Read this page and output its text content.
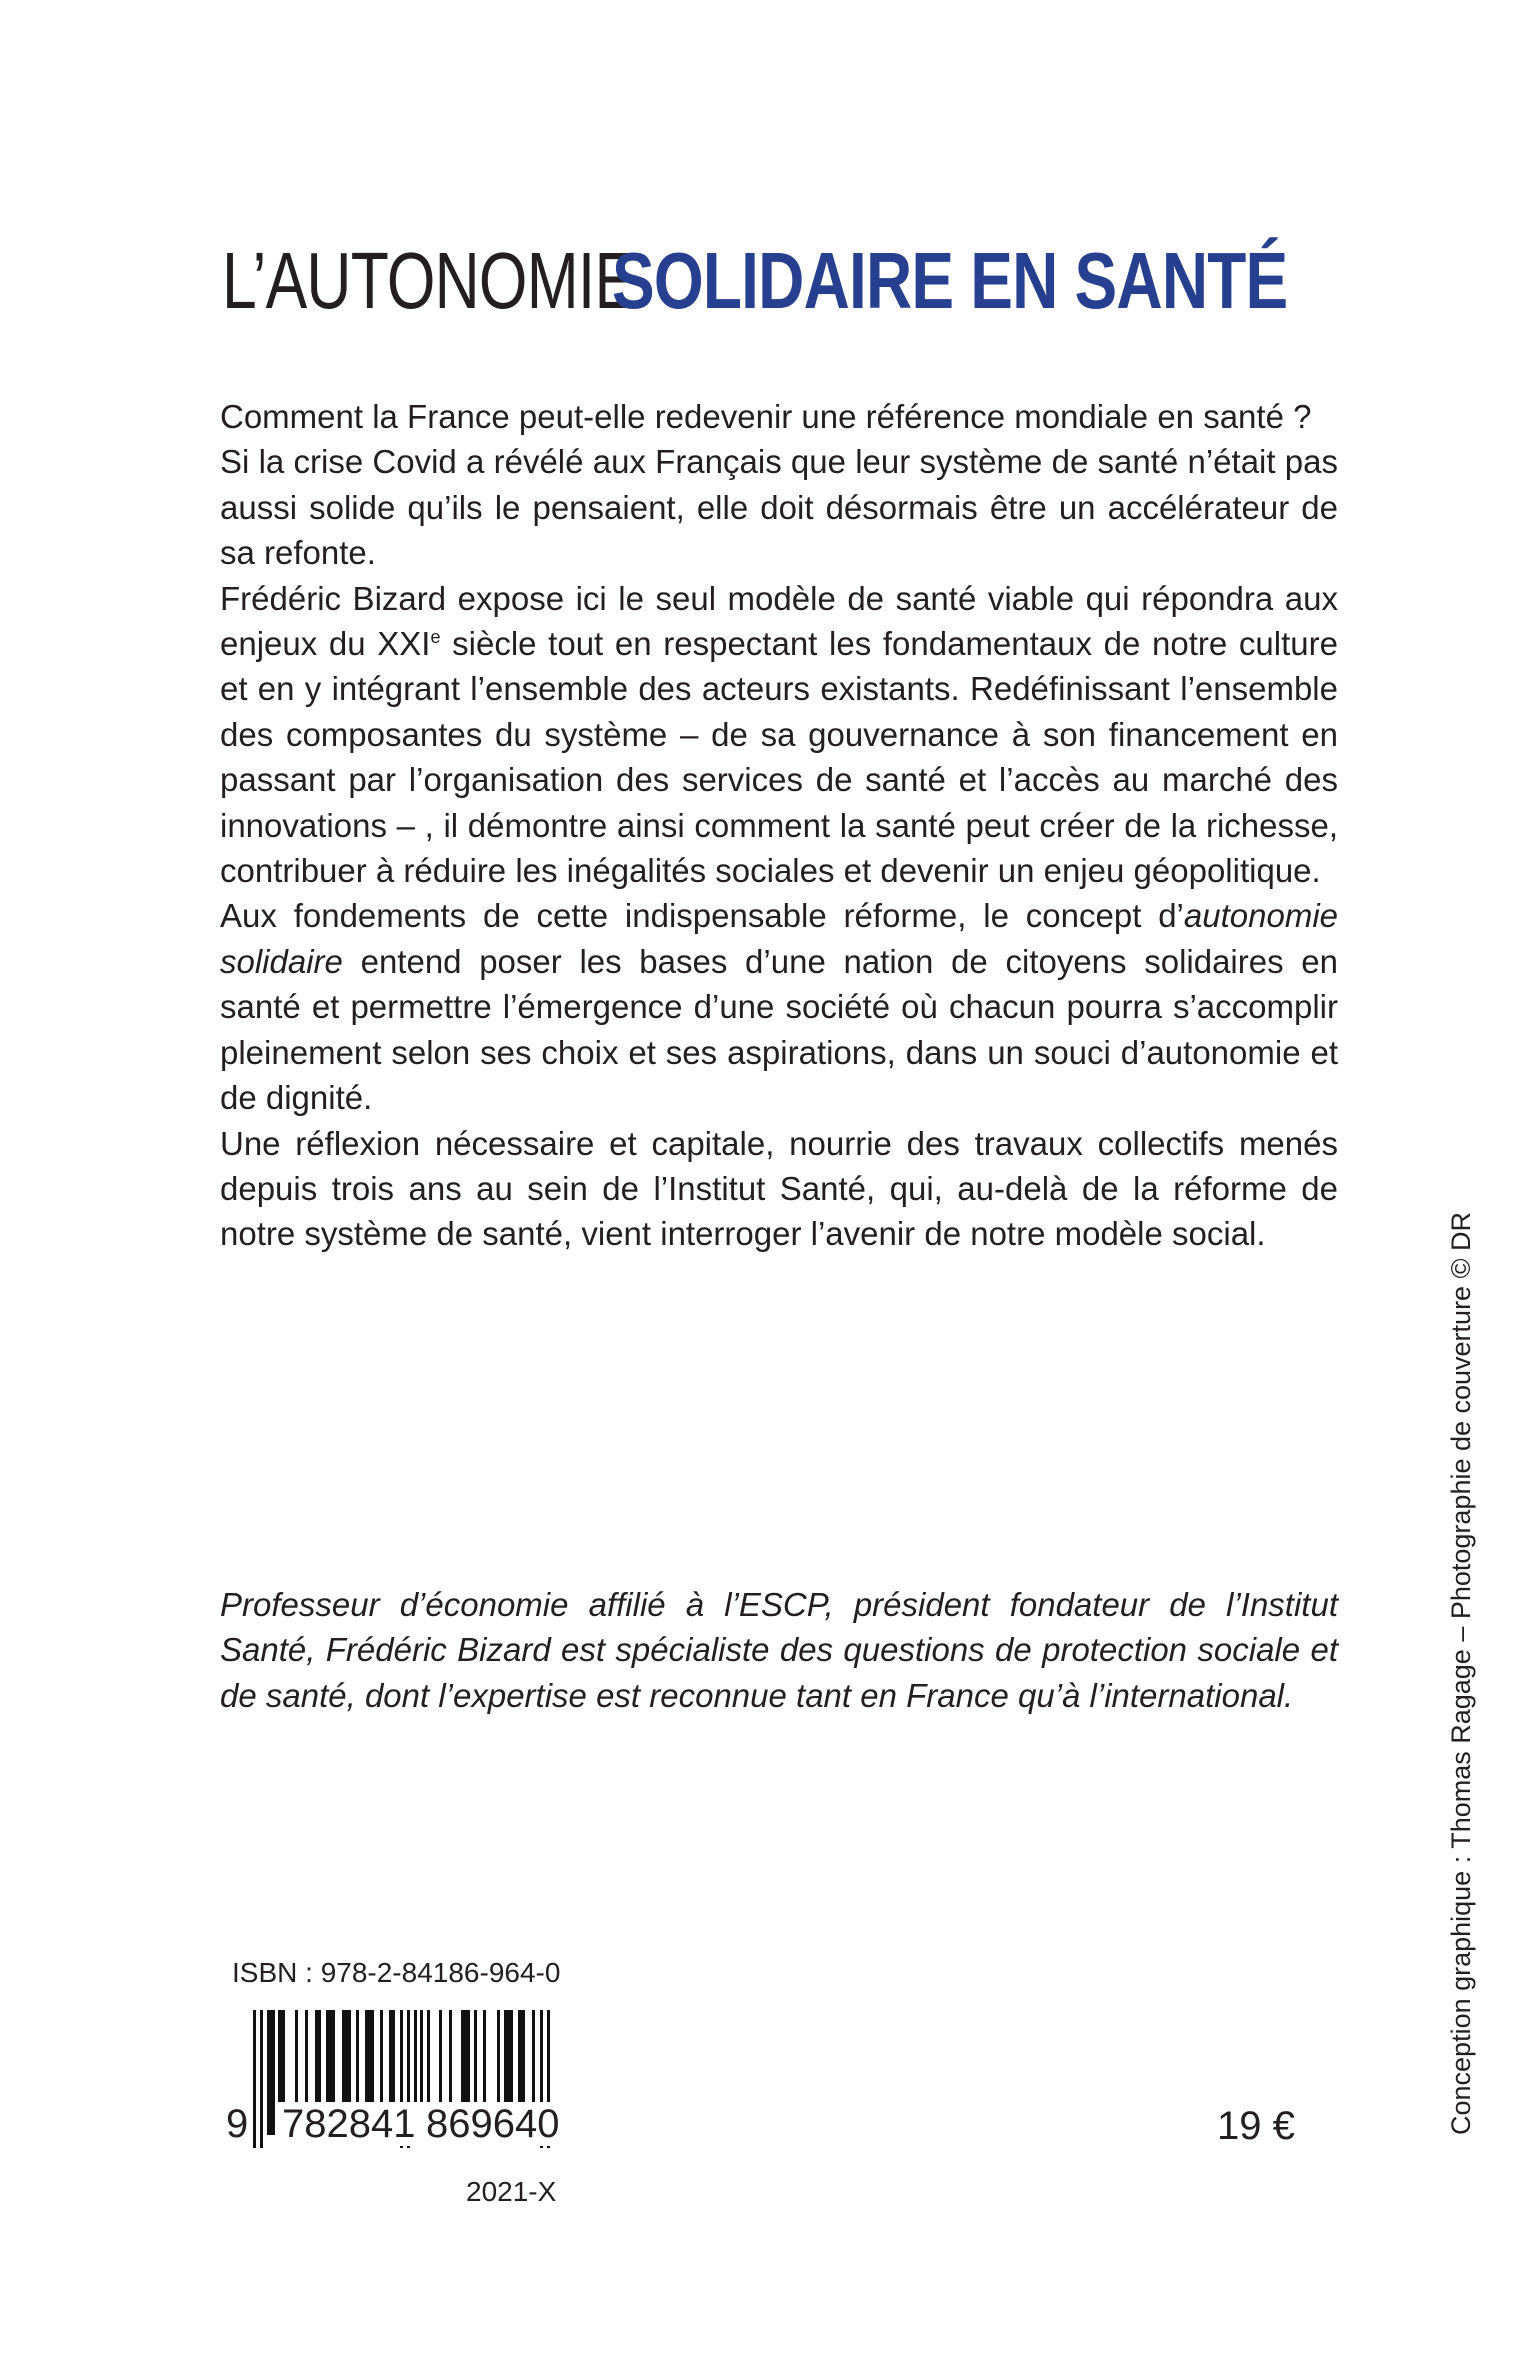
L’AUTONOMIESOLIDAIRE EN SANTÉ

Comment la France peut-elle redevenir une référence mondiale en santé ?

Si la crise Covid a révélé aux Français que leur système de santé n’était pas aussi solide qu’ils le pensaient, elle doit désormais être un accélérateur de sa refonte.

Frédéric Bizard expose ici le seul modèle de santé viable qui répondra aux enjeux du XXIe siècle tout en respectant les fondamentaux de notre culture et en y intégrant l’ensemble des acteurs existants. Redéfinissant l’ensemble des composantes du système – de sa gouvernance à son financement en passant par l’organisation des services de santé et l’accès au marché des innovations – , il démontre ainsi comment la santé peut créer de la richesse, contribuer à réduire les inégalités sociales et devenir un enjeu géopolitique.

Aux fondements de cette indispensable réforme, le concept d’autonomie solidaire entend poser les bases d’une nation de citoyens solidaires en santé et permettre l’émergence d’une société où chacun pourra s’accomplir pleinement selon ses choix et ses aspirations, dans un souci d’autonomie et de dignité.

Une réflexion nécessaire et capitale, nourrie des travaux collectifs menés depuis trois ans au sein de l’Institut Santé, qui, au-delà de la réforme de notre système de santé, vient interroger l’avenir de notre modèle social.

Professeur d’économie affilié à l’ESCP, président fondateur de l’Institut Santé, Frédéric Bizard est spécialiste des questions de protection sociale et de santé, dont l’expertise est reconnue tant en France qu’à l’international.

ISBN : 978-2-84186-964-0
9 782841 869640
2021-X
19 €	Conception graphique : Thomas Ragage – Photographie de couverture © DR
